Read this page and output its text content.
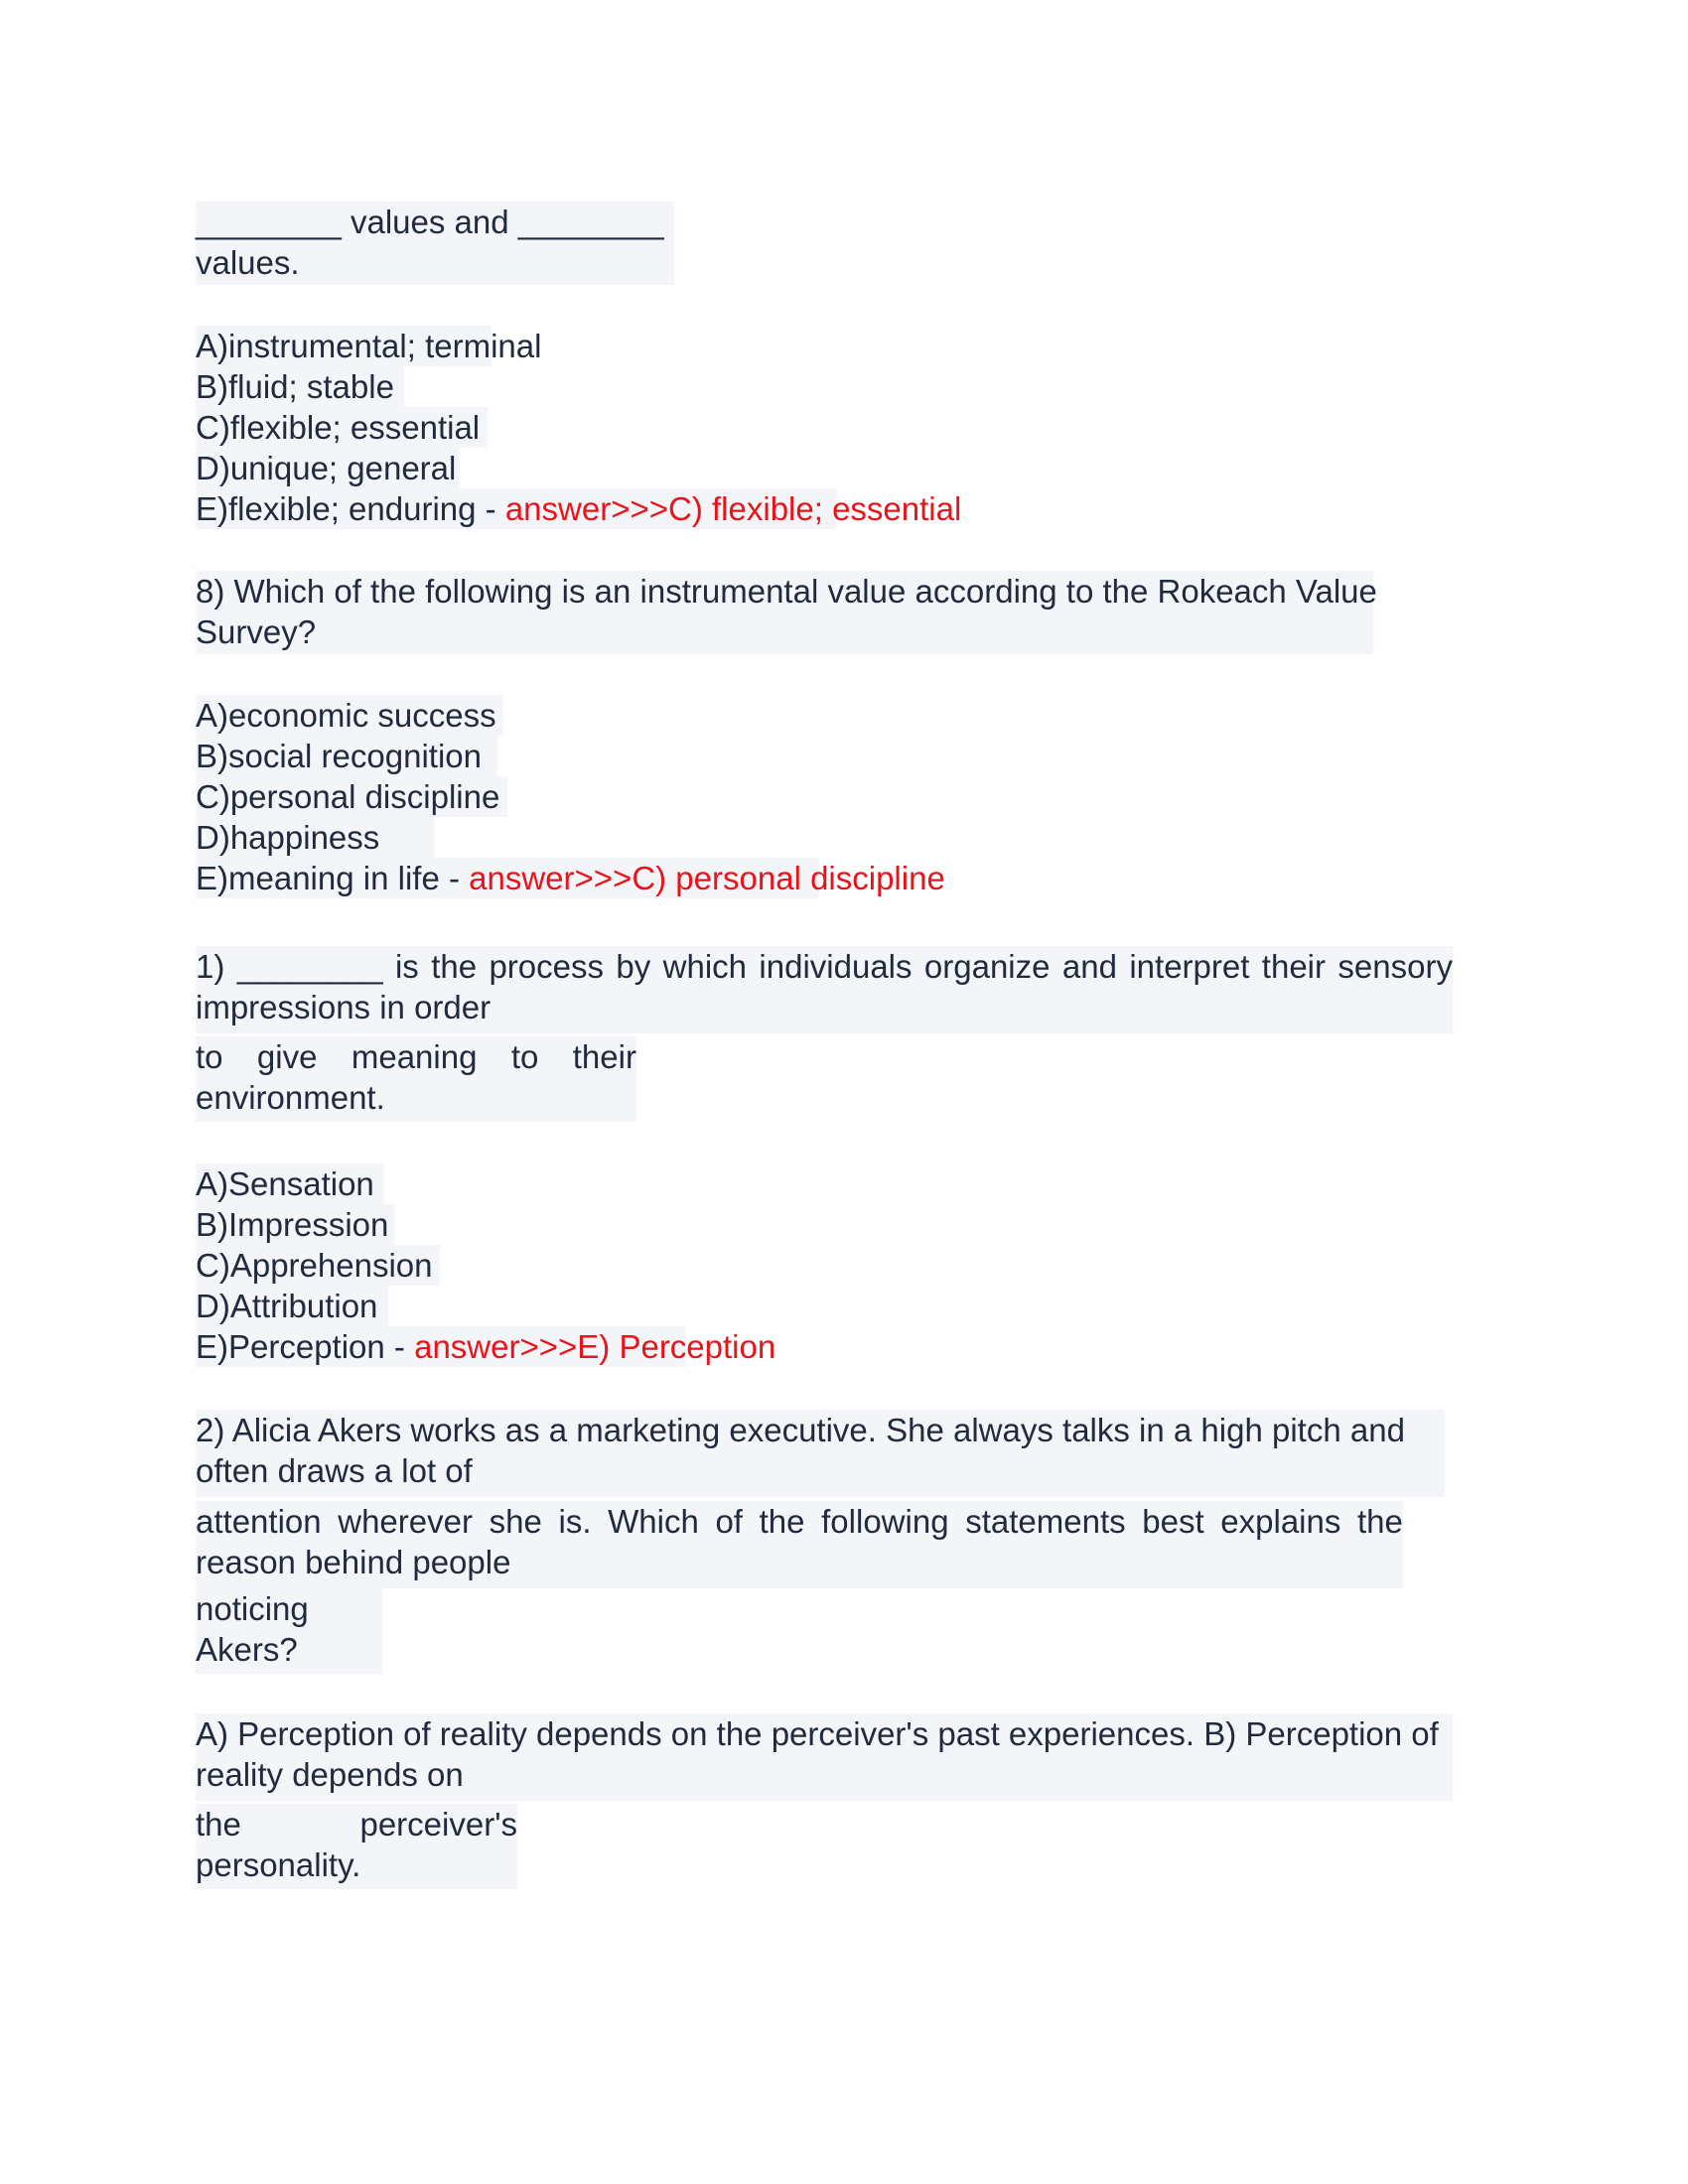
________ values and ________
values.
A)instrumental; terminal
B)fluid; stable
C)flexible; essential
D)unique; general
E)flexible; enduring - answer>>>C) flexible; essential
8) Which of the following is an instrumental value according to the Rokeach Value
Survey?
A)economic success
B)social recognition
C)personal discipline
D)happiness
E)meaning in life - answer>>>C) personal discipline
1) ________ is the process by which individuals organize and interpret their sensory
impressions in order
to give meaning to their
environment.
A)Sensation
B)Impression
C)Apprehension
D)Attribution
E)Perception - answer>>>E) Perception
2) Alicia Akers works as a marketing executive. She always talks in a high pitch and
often draws a lot of
attention wherever she is. Which of the following statements best explains the
reason behind people
noticing
Akers?
A) Perception of reality depends on the perceiver's past experiences. B) Perception of
reality depends on
the	perceiver's
personality.
